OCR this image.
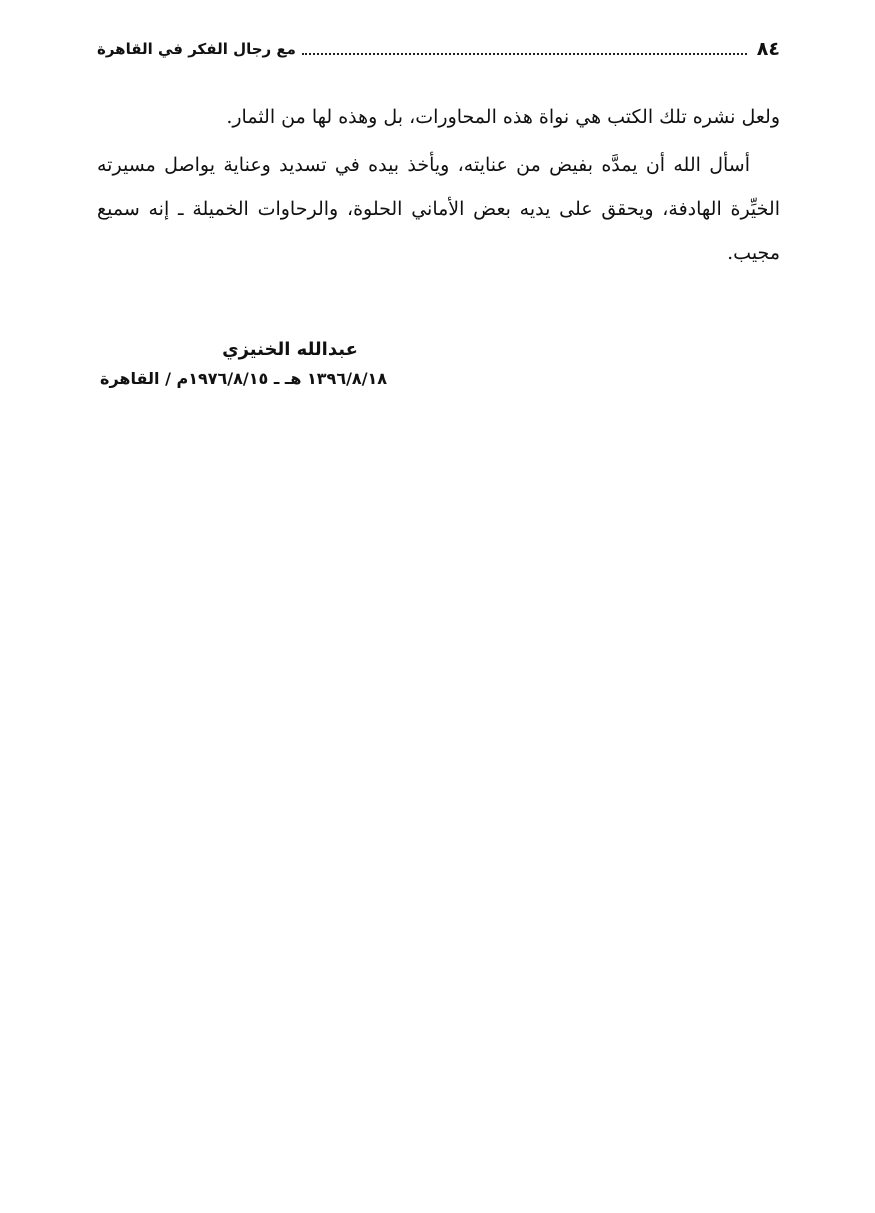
٨٤
مع رجال الفكر في القاهرة

ولعل نشره تلك الكتب هي نواة هذه المحاورات، بل وهذه لها من الثمار.

أسأل الله أن يمدَّه بفيض من عنايته، ويأخذ بيده في تسديد وعناية يواصل مسيرته الخيِّرة الهادفة، ويحقق على يديه بعض الأماني الحلوة، والرحاوات الخميلة ـ إنه سميع مجيب.

عبدالله الخنيزي
١٣٩٦/٨/١٨ هـ ـ ١٩٧٦/٨/١٥م / القاهرة
